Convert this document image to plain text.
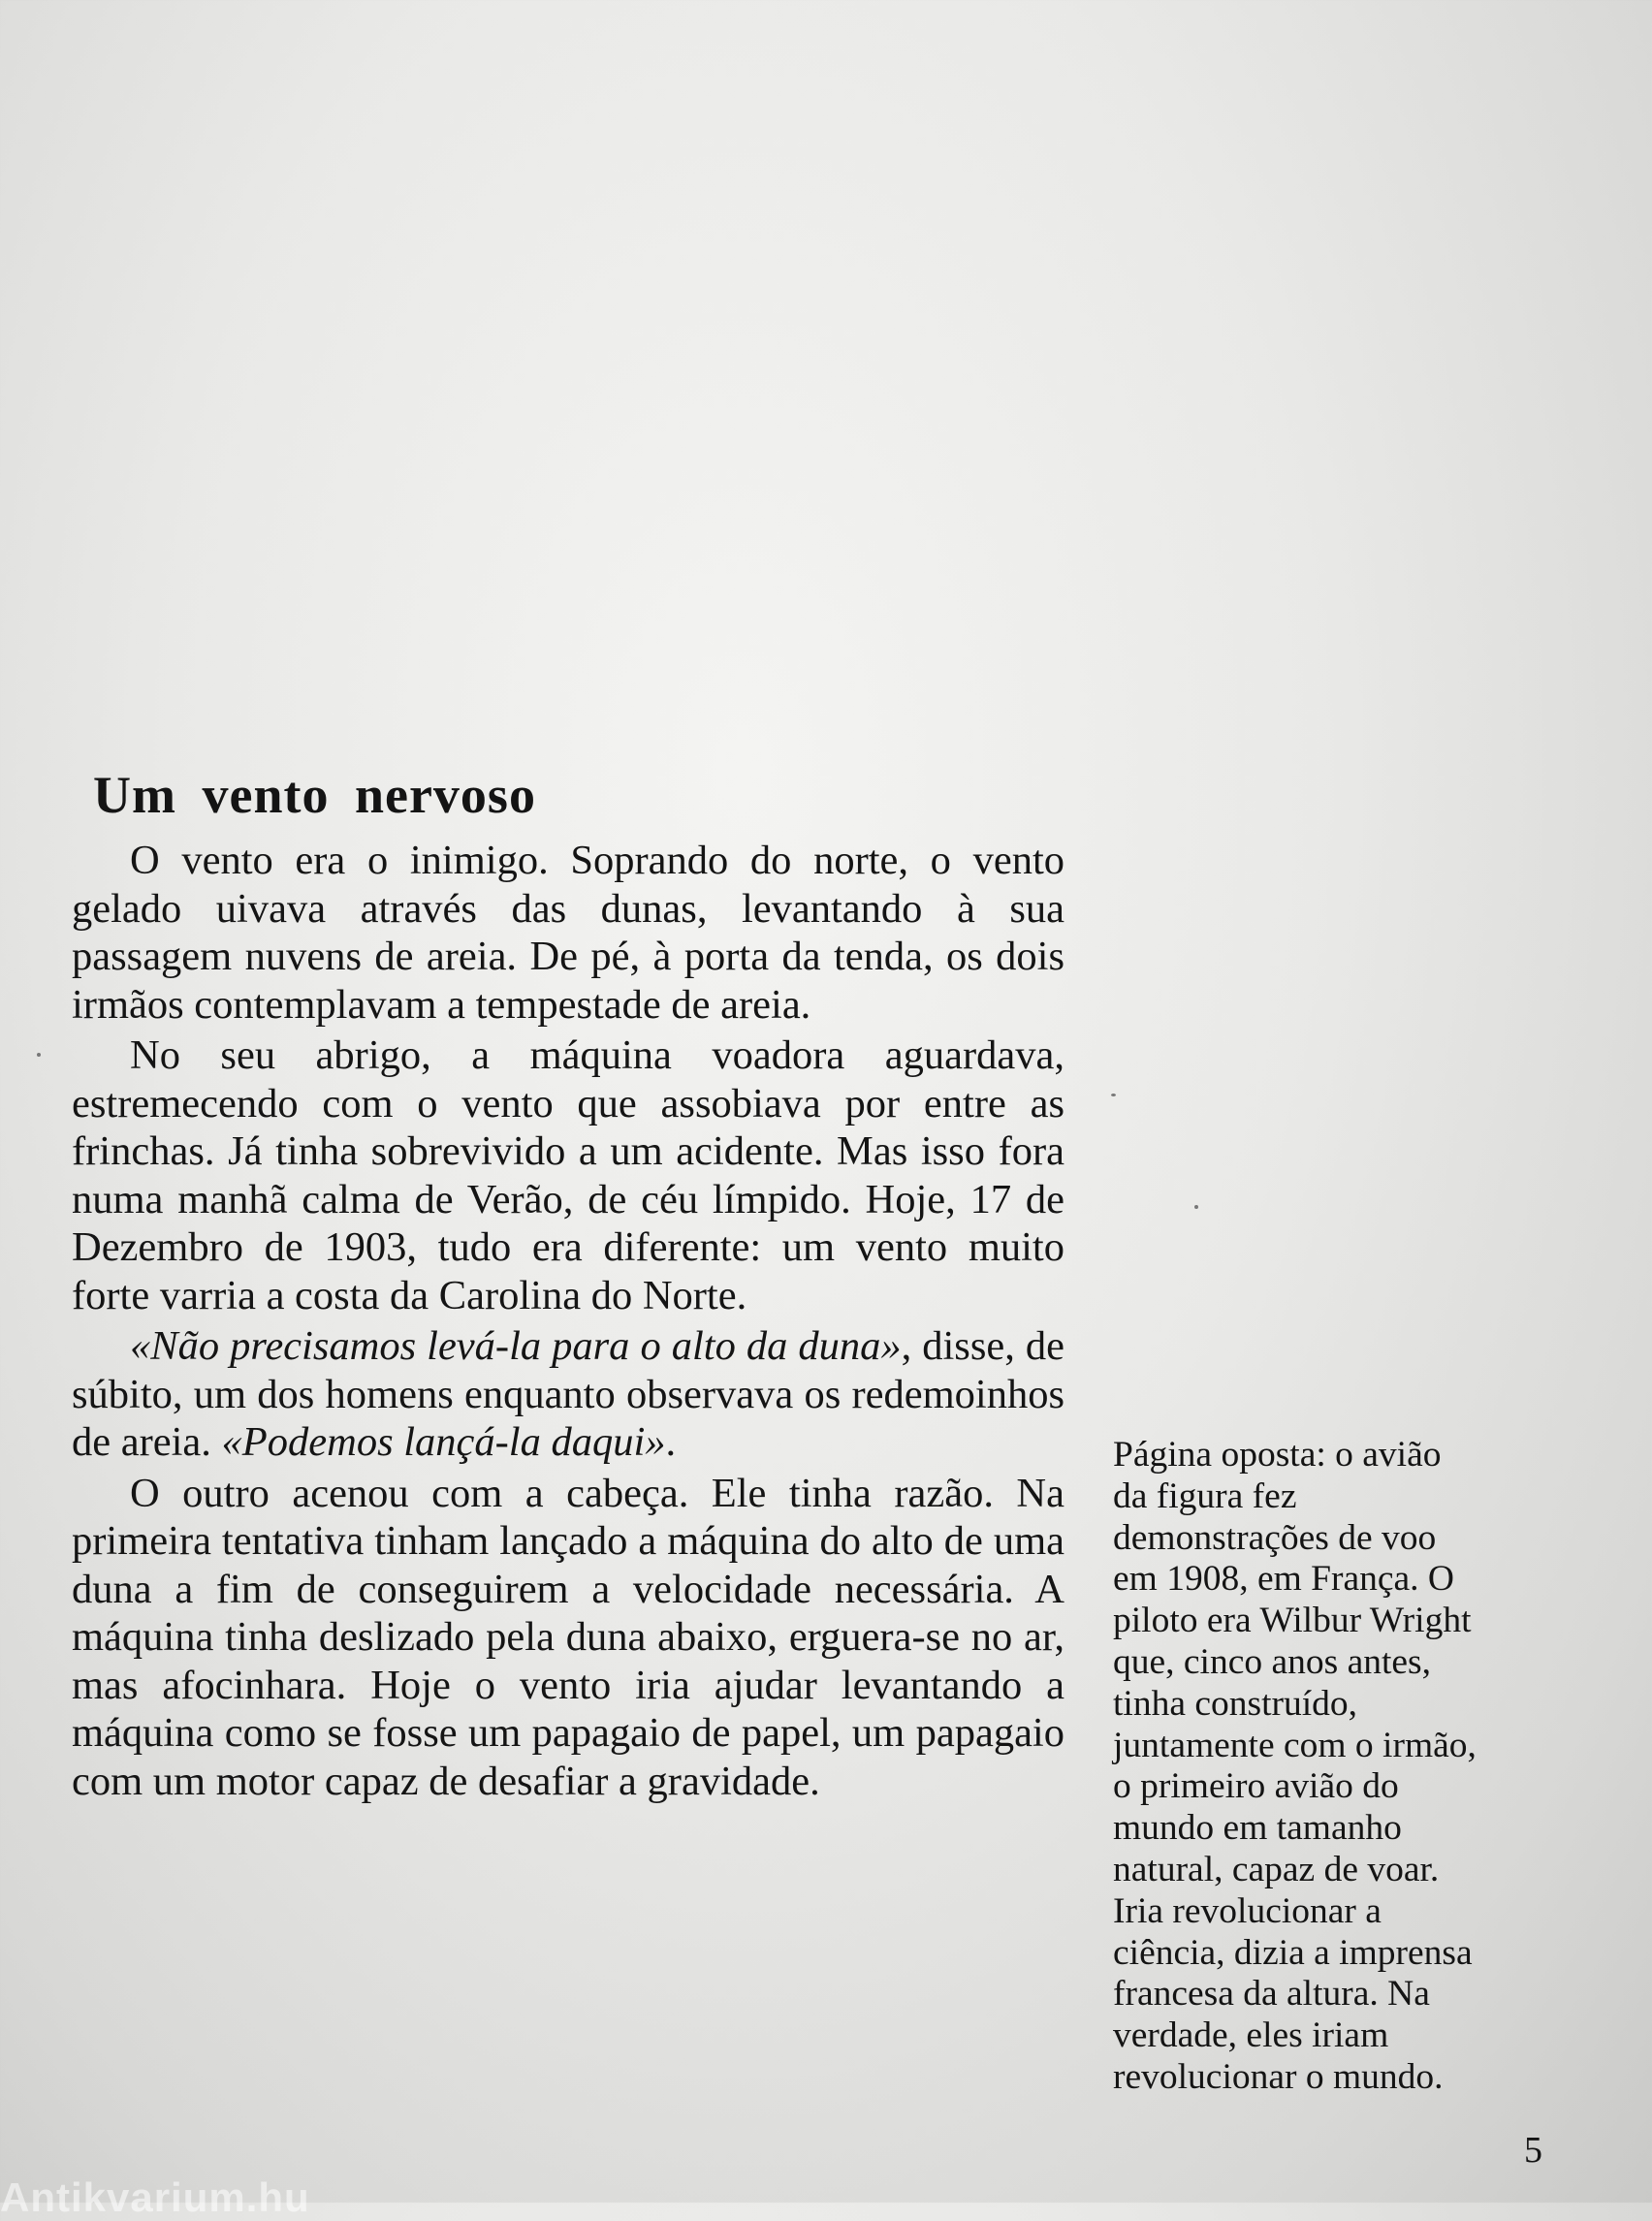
Um vento nervoso

O vento era o inimigo. Soprando do norte, o vento gelado uivava através das dunas, levantando à sua passagem nuvens de areia. De pé, à porta da tenda, os dois irmãos contemplavam a tempestade de areia.

No seu abrigo, a máquina voadora aguardava, estremecendo com o vento que assobiava por entre as frinchas. Já tinha sobrevivido a um acidente. Mas isso fora numa manhã calma de Verão, de céu límpido. Hoje, 17 de Dezembro de 1903, tudo era diferente: um vento muito forte varria a costa da Carolina do Norte.

«Não precisamos levá-la para o alto da duna», disse, de súbito, um dos homens enquanto observava os redemoinhos de areia. «Podemos lançá-la daqui».

O outro acenou com a cabeça. Ele tinha razão. Na primeira tentativa tinham lançado a máquina do alto de uma duna a fim de conseguirem a velocidade necessária. A máquina tinha deslizado pela duna abaixo, erguera-se no ar, mas afocinhara. Hoje o vento iria ajudar levantando a máquina como se fosse um papagaio de papel, um papagaio com um motor capaz de desafiar a gravidade.

Página oposta: o avião
da figura fez
demonstrações de voo
em 1908, em França. O
piloto era Wilbur Wright
que, cinco anos antes,
tinha construído,
juntamente com o irmão,
o primeiro avião do
mundo em tamanho
natural, capaz de voar.
Iria revolucionar a
ciência, dizia a imprensa
francesa da altura. Na
verdade, eles iriam
revolucionar o mundo.

5
Antikvarium.hu
